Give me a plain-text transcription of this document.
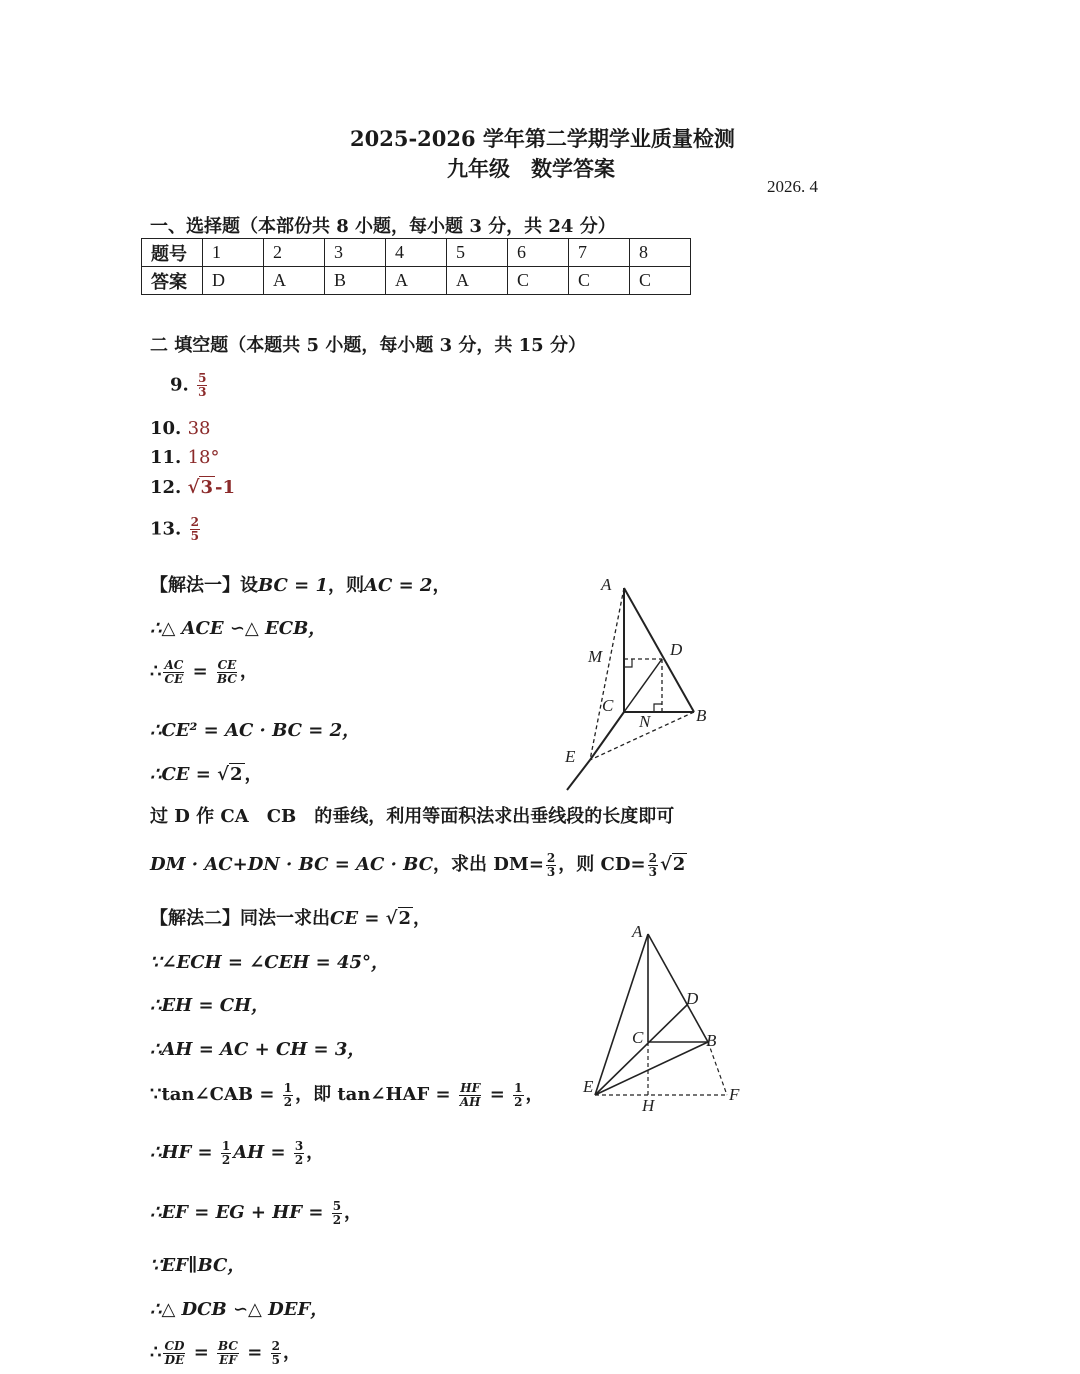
2025-2026 学年第二学期学业质量检测
九年级　数学答案
2026. 4
一、选择题（本部份共 8 小题，每小题 3 分，共 24 分）
题号	1	2	3	4	5	6	7	8
答案	D	A	B	A	A	C	C	C
二 填空题（本题共 5 小题，每小题 3 分，共 15 分）
9. $\frac{5}{3}$
10. 38
11. 18°
12. √3 -1
13. $\frac{2}{5}$
【解法一】设BC = 1，则AC = 2，
∴△ ACE ∽△ ECB，
∴ $\frac{AC}{CE} = \frac{CE}{BC}$ ，
∴CE² = AC · BC = 2，
∴CE = √2 ，
过 D 作 CA　CB　的垂线，利用等面积法求出垂线段的长度即可
DM · AC+DN · BC = AC · BC，求出 $DM= \frac{2}{3}$ ，则 $CD= \frac{2}{3} √2$
【解法二】同法一求出CE = √2 ，
∵∠ECH = ∠CEH = 45°，
∴EH = CH，
∴AH = AC + CH = 3，
∵tan∠CAB = $\frac{1}{2}$ ，即 tan∠HAF = $\frac{HF}{AH} = \frac{1}{2}$ ，
∴HF = $\frac{1}{2}$ AH = $\frac{3}{2}$ ，
∴EF = EG + HF = $\frac{5}{2}$ ，
∵EF∥BC，
∴△ DCB ∽△ DEF，
∴ $\frac{CD}{DE} = \frac{BC}{EF} = \frac{2}{5}$ ，
A
M	D
C
N	B
E
A
D
C	B
E
H
F
